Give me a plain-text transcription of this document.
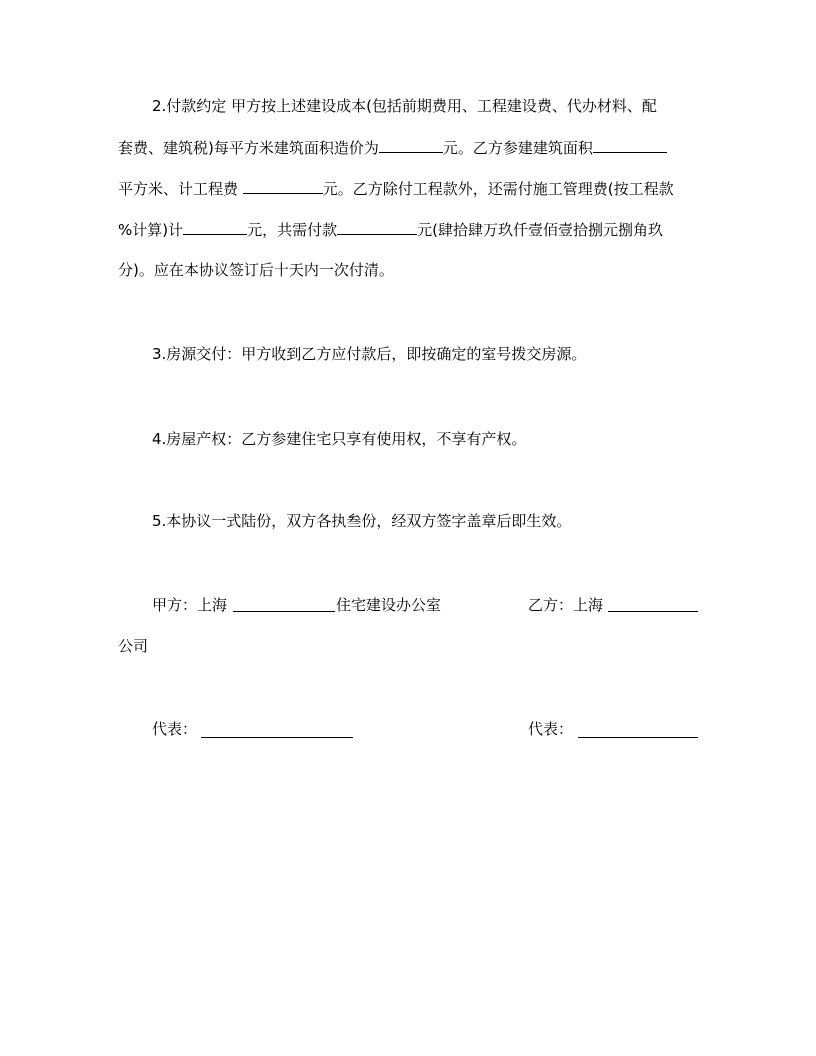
2.付款约定 甲方按上述建设成本(包括前期费用、工程建设费、代办材料、配
套费、建筑税)每平方米建筑面积造价为	元。乙方参建建筑面积
平方米、计工程费	元。乙方除付工程款外，还需付施工管理费(按工程款
%计算)计	元，共需付款	元(肆拾肆万玖仟壹佰壹拾捌元捌角玖
分)。应在本协议签订后十天内一次付清。
3.房源交付：甲方收到乙方应付款后，即按确定的室号拨交房源。
4.房屋产权：乙方参建住宅只享有使用权，不享有产权。
5.本协议一式陆份，双方各执叁份，经双方签字盖章后即生效。
甲方：上海	住宅建设办公室	乙方：上海
公司
代表：	代表：
